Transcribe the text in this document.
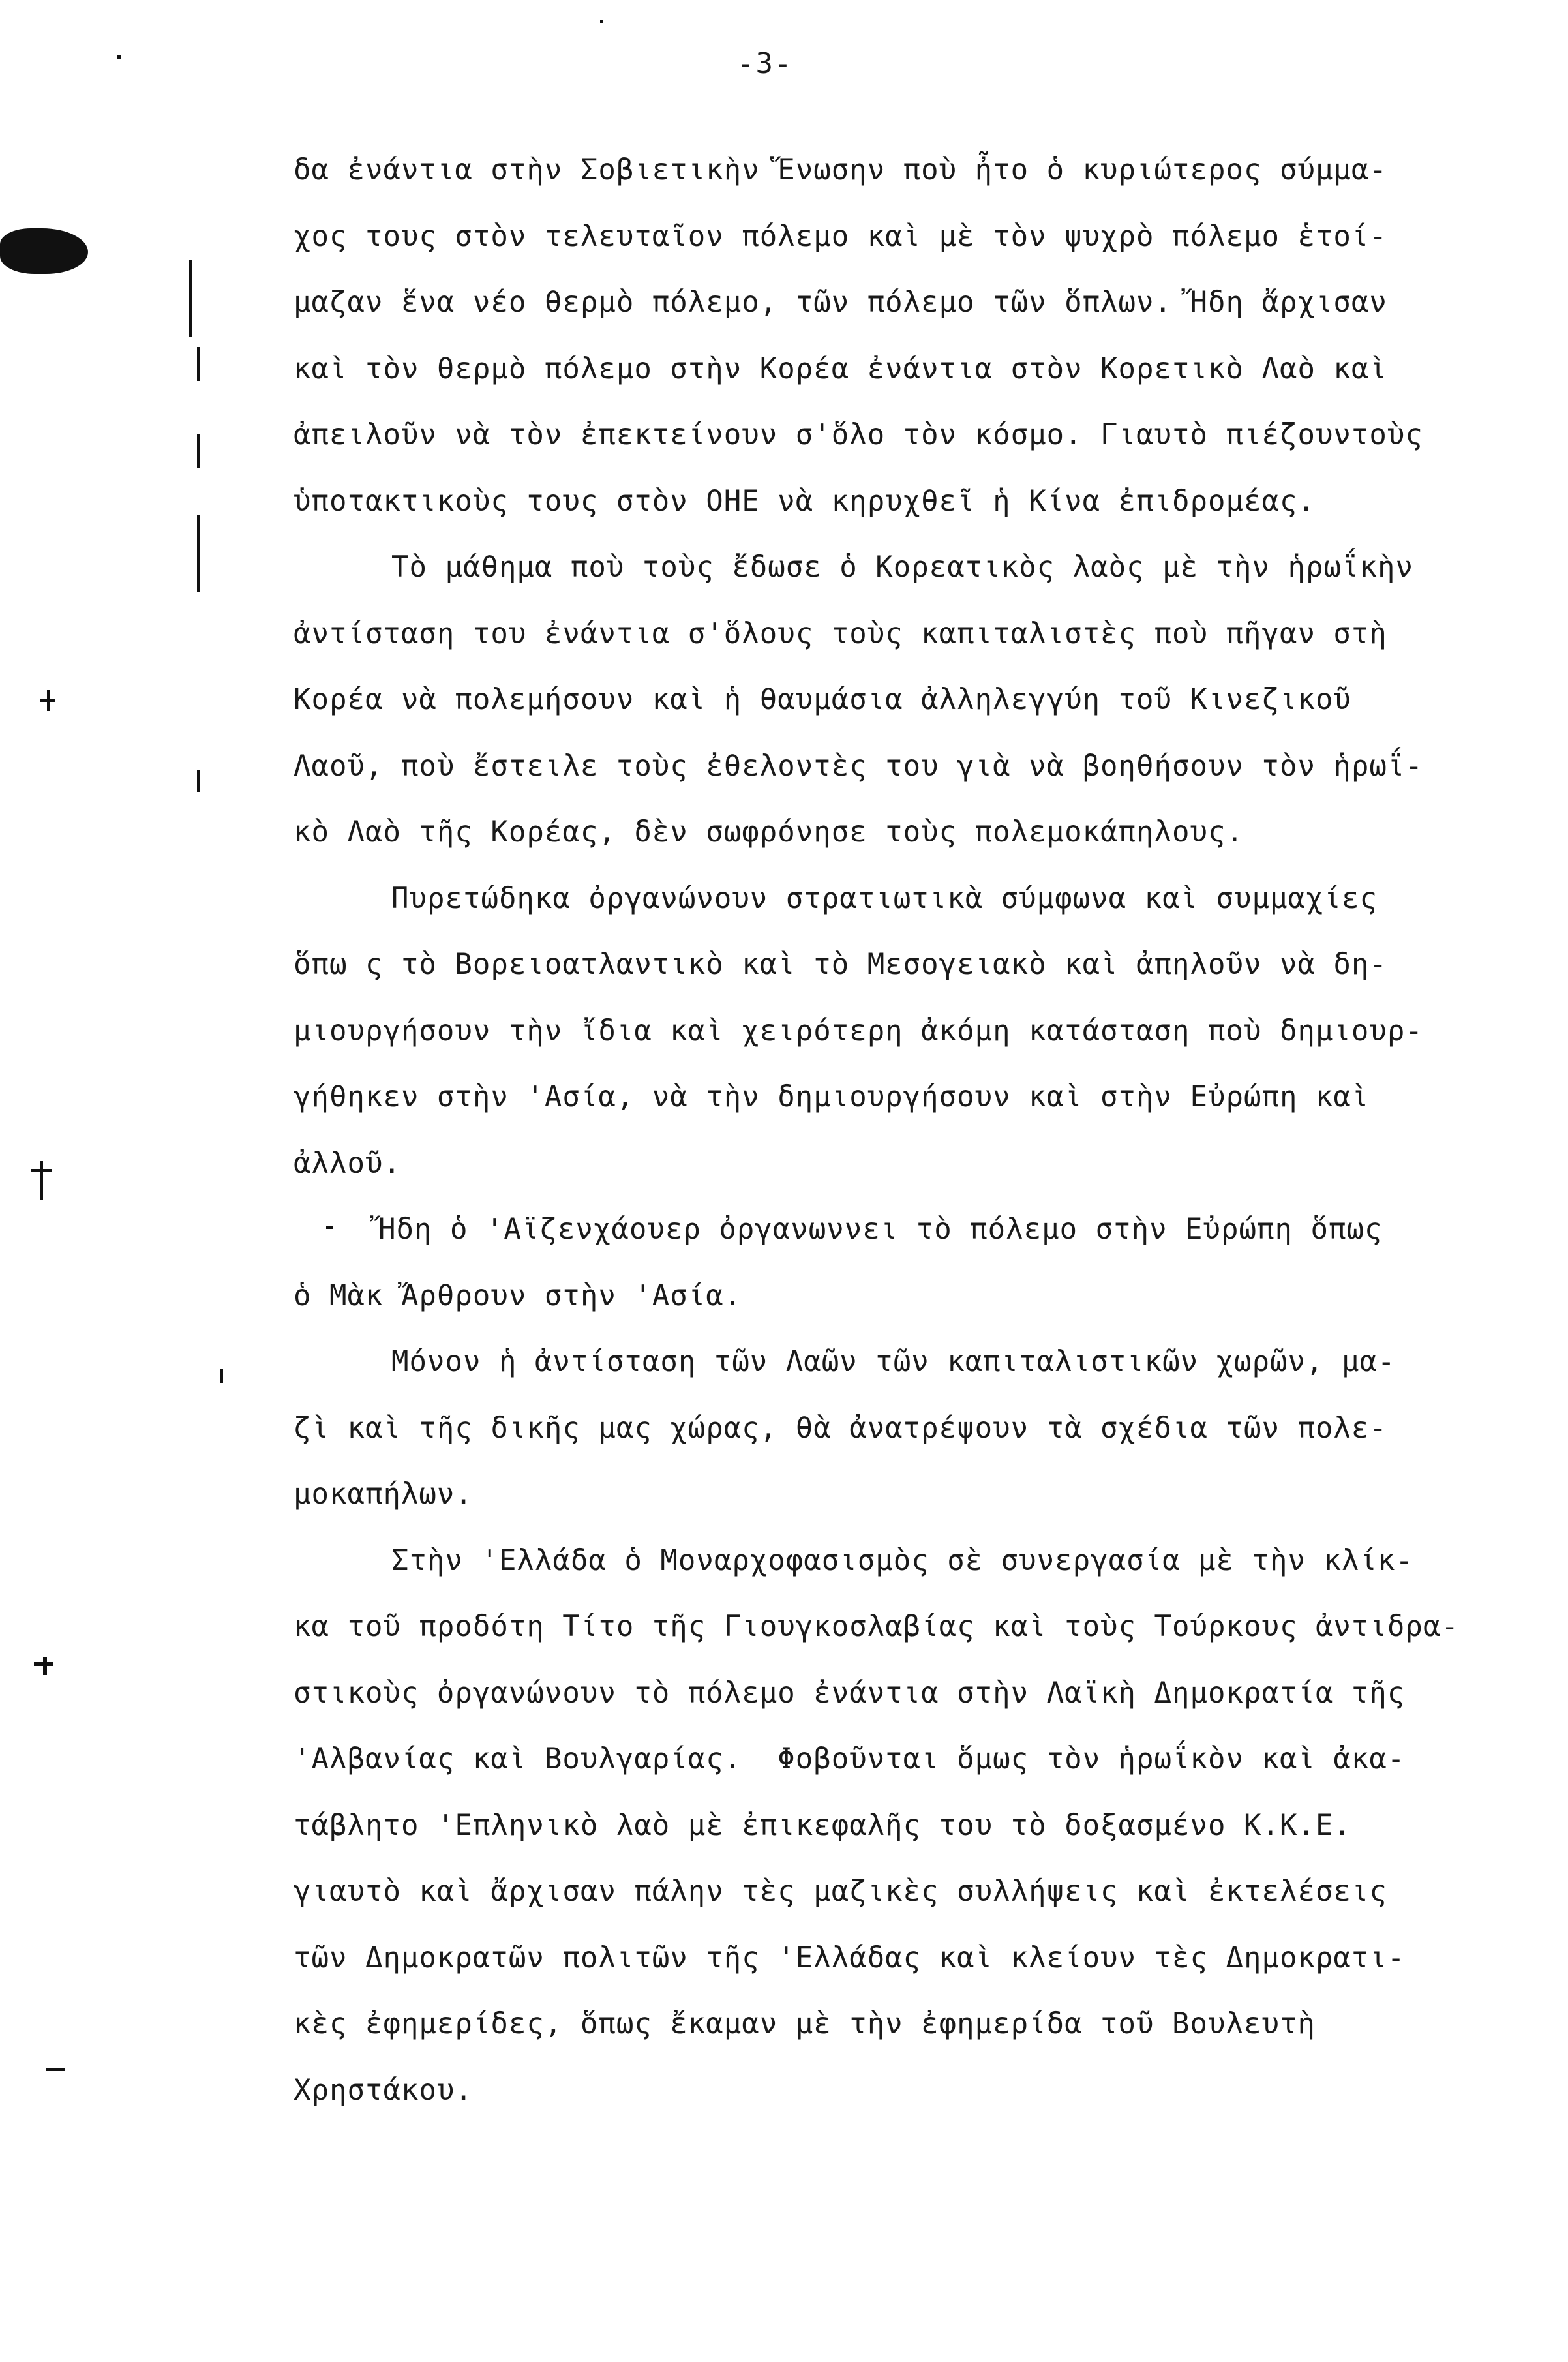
-3-
δα ἐνάντια στὴν Σοβιετικὴν Ἕνωσην ποὺ ἦτο ὁ κυριώτερος σύμμα-
χος τους στὸν τελευταῖον πόλεμο καὶ μὲ τὸν ψυχρὸ πόλεμο ἑτοί-
μαζαν ἕνα νέο θερμὸ πόλεμο, τῶν πόλεμο τῶν ὅπλων. Ἤδη ἄρχισαν
καὶ τὸν θερμὸ πόλεμο στὴν Κορέα ἐνάντια στὸν Κορετικὸ Λαὸ καὶ
ἀπειλοῦν νὰ τὸν ἐπεκτείνουν σ'ὅλο τὸν κόσμο. Γιαυτὸ πιέζουντοὺς
ὑποτακτικοὺς τους στὸν ΟΗΕ νὰ κηρυχθεῖ ἡ Κίνα ἐπιδρομέας.
Τὸ μάθημα ποὺ τοὺς ἔδωσε ὁ Κορεατικὸς λαὸς μὲ τὴν ἡρωΐκὴν
ἀντίσταση του ἐνάντια σ'ὅλους τοὺς καπιταλιστὲς ποὺ πῆγαν στὴ
Κορέα νὰ πολεμήσουν καὶ ἡ θαυμάσια ἀλληλεγγύη τοῦ Κινεζικοῦ
Λαοῦ, ποὺ ἔστειλε τοὺς ἐθελοντὲς του γιὰ νὰ βοηθήσουν τὸν ἡρωΐ-
κὸ Λαὸ τῆς Κορέας, δὲν σωφρόνησε τοὺς πολεμοκάπηλους.
Πυρετώδηκα ὀργανώνουν στρατιωτικὰ σύμφωνα καὶ συμμαχίες
ὅπω ς τὸ Βορειοατλαντικὸ καὶ τὸ Μεσογειακὸ καὶ ἀπηλοῦν νὰ δη-
μιουργήσουν τὴν ἴδια καὶ χειρότερη ἀκόμη κατάσταση ποὺ δημιουρ-
γήθηκεν στὴν 'Ασία, νὰ τὴν δημιουργήσουν καὶ στὴν Εὐρώπη καὶ
ἀλλοῦ.
Ἤδη ὁ 'Αϊζενχάουερ ὀργανωννει τὸ πόλεμο στὴν Εὐρώπη ὅπως
ὁ Μὰκ Ἄρθρουν στὴν 'Ασία.
Μόνον ἡ ἀντίσταση τῶν Λαῶν τῶν καπιταλιστικῶν χωρῶν, μα-
ζὶ καὶ τῆς δικῆς μας χώρας, θὰ ἀνατρέψουν τὰ σχέδια τῶν πολε-
μοκαπήλων.
Στὴν 'Ελλάδα ὁ Μοναρχοφασισμὸς σὲ συνεργασία μὲ τὴν κλίκ-
κα τοῦ προδότη Τίτο τῆς Γιουγκοσλαβίας καὶ τοὺς Τούρκους ἀντιδρα-
στικοὺς ὀργανώνουν τὸ πόλεμο ἐνάντια στὴν Λαϊκὴ Δημοκρατία τῆς
'Αλβανίας καὶ Βουλγαρίας.  Φοβοῦνται ὅμως τὸν ἡρωΐκὸν καὶ ἀκα-
τάβλητο 'Επληνικὸ λαὸ μὲ ἐπικεφαλῆς του τὸ δοξασμένο Κ.Κ.Ε.
γιαυτὸ καὶ ἄρχισαν πάλην τὲς μαζικὲς συλλήψεις καὶ ἐκτελέσεις
τῶν Δημοκρατῶν πολιτῶν τῆς 'Ελλάδας καὶ κλείουν τὲς Δημοκρατι-
κὲς ἐφημερίδες, ὅπως ἔκαμαν μὲ τὴν ἐφημερίδα τοῦ Βουλευτὴ
Χρηστάκου.
